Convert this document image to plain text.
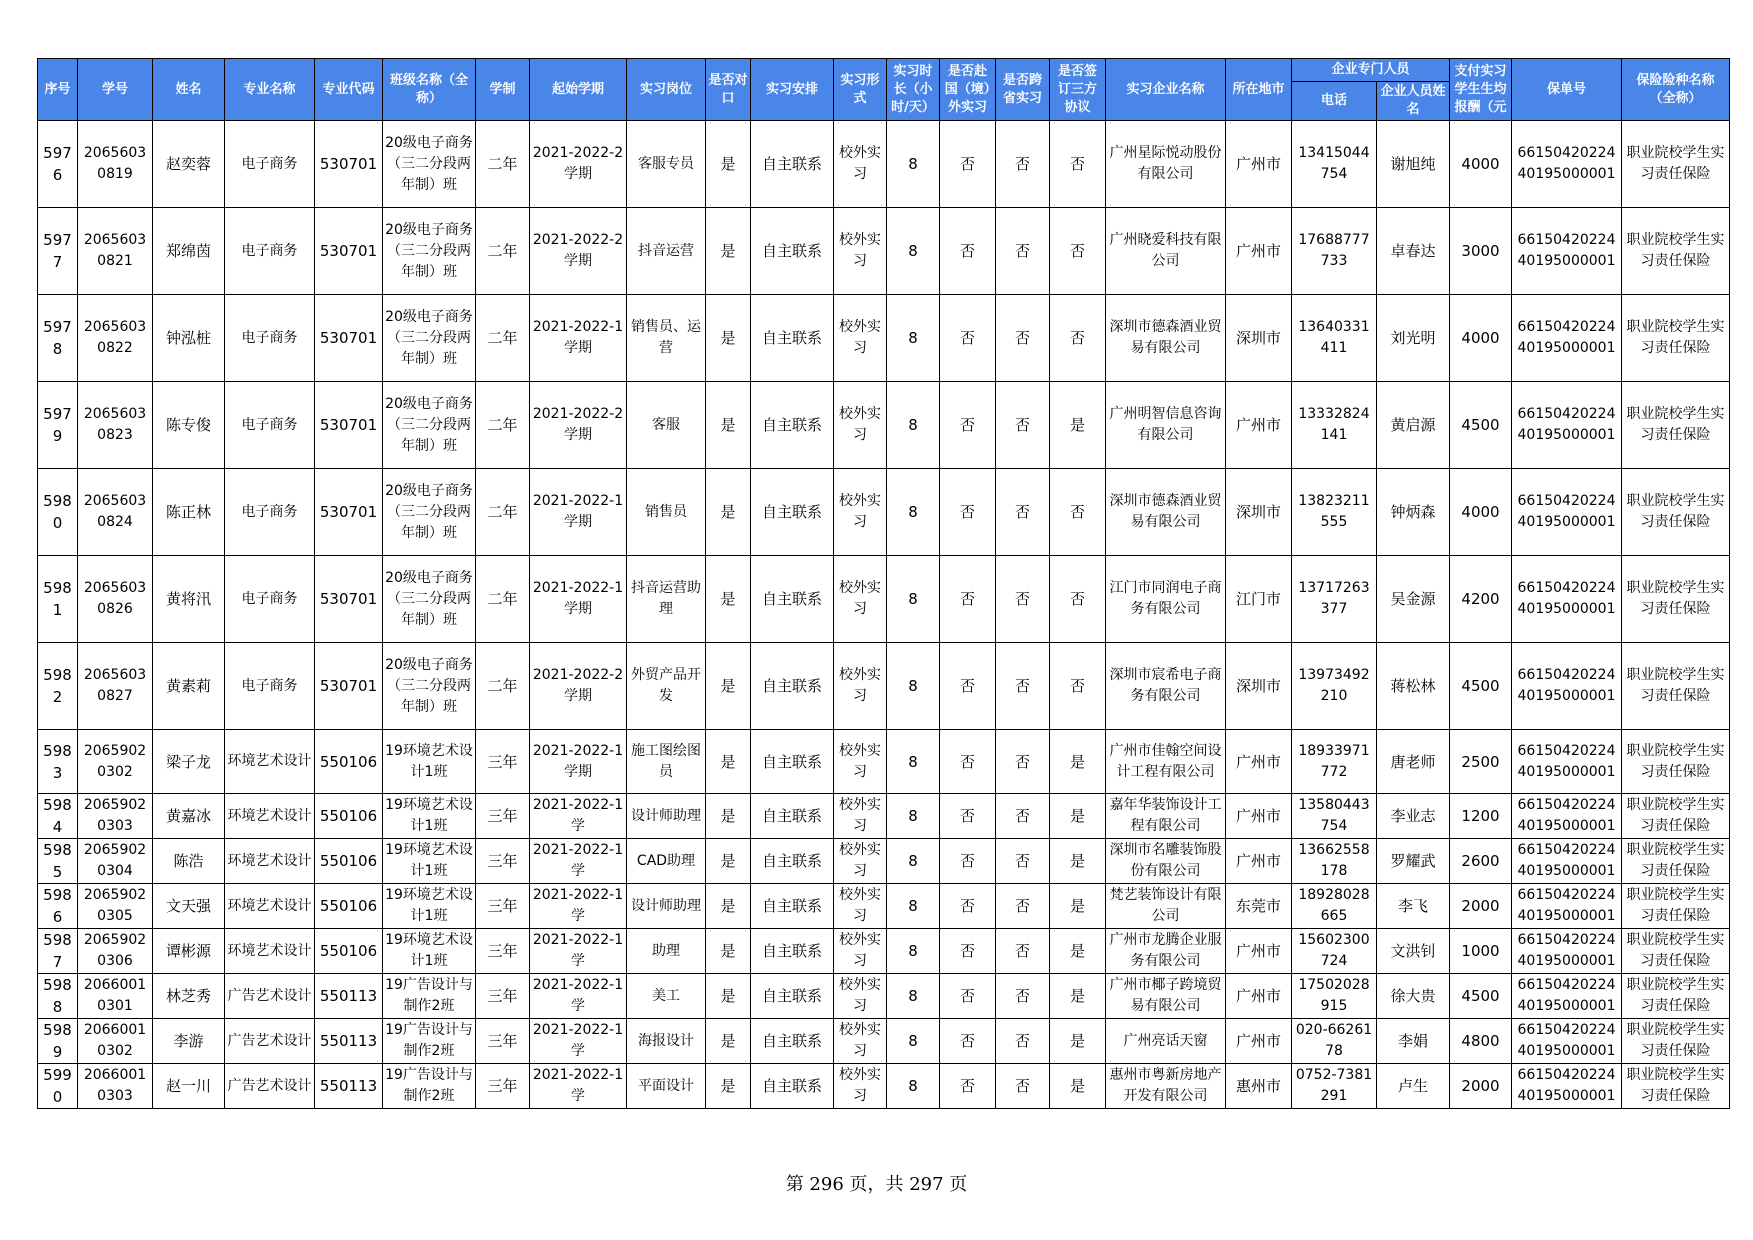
序号	学号	姓名	专业名称	专业代码	班级名称（全称）	学制	起始学期	实习岗位	是否对口	实习安排	实习形式	实习时长（小时/天）	是否赴国（境）外实习	是否跨省实习	是否签订三方协议	实习企业名称	所在地市	企业专门人员		支付实习学生生均报酬（元	保单号	保险险种名称（全称）
																		电话	企业人员姓名			
5976	20656030819	赵奕蓉	电子商务	530701	20级电子商务（三二分段两年制）班	二年	2021-2022-2学期	客服专员	是	自主联系	校外实习	8	否	否	否	广州星际悦动股份有限公司	广州市	13415044754	谢旭纯	4000	6615042022440195000001	职业院校学生实习责任保险
5977	20656030821	郑绵茵	电子商务	530701	20级电子商务（三二分段两年制）班	二年	2021-2022-2学期	抖音运营	是	自主联系	校外实习	8	否	否	否	广州晓爱科技有限公司	广州市	17688777733	卓春达	3000	6615042022440195000001	职业院校学生实习责任保险
5978	20656030822	钟泓桩	电子商务	530701	20级电子商务（三二分段两年制）班	二年	2021-2022-1学期	销售员、运营	是	自主联系	校外实习	8	否	否	否	深圳市德森酒业贸易有限公司	深圳市	13640331411	刘光明	4000	6615042022440195000001	职业院校学生实习责任保险
5979	20656030823	陈专俊	电子商务	530701	20级电子商务（三二分段两年制）班	二年	2021-2022-2学期	客服	是	自主联系	校外实习	8	否	否	是	广州明智信息咨询有限公司	广州市	13332824141	黄启源	4500	6615042022440195000001	职业院校学生实习责任保险
5980	20656030824	陈正林	电子商务	530701	20级电子商务（三二分段两年制）班	二年	2021-2022-1学期	销售员	是	自主联系	校外实习	8	否	否	否	深圳市德森酒业贸易有限公司	深圳市	13823211555	钟炳森	4000	6615042022440195000001	职业院校学生实习责任保险
5981	20656030826	黄将汛	电子商务	530701	20级电子商务（三二分段两年制）班	二年	2021-2022-1学期	抖音运营助理	是	自主联系	校外实习	8	否	否	否	江门市同润电子商务有限公司	江门市	13717263377	吴金源	4200	6615042022440195000001	职业院校学生实习责任保险
5982	20656030827	黄素莉	电子商务	530701	20级电子商务（三二分段两年制）班	二年	2021-2022-2学期	外贸产品开发	是	自主联系	校外实习	8	否	否	否	深圳市宸希电子商务有限公司	深圳市	13973492210	蒋松林	4500	6615042022440195000001	职业院校学生实习责任保险
5983	20659020302	梁子龙	环境艺术设计	550106	19环境艺术设计1班	三年	2021-2022-1学期	施工图绘图员	是	自主联系	校外实习	8	否	否	是	广州市佳翰空间设计工程有限公司	广州市	18933971772	唐老师	2500	6615042022440195000001	职业院校学生实习责任保险
5984	20659020303	黄嘉冰	环境艺术设计	550106	19环境艺术设计1班	三年	2021-2022-1学	设计师助理	是	自主联系	校外实习	8	否	否	是	嘉年华装饰设计工程有限公司	广州市	13580443754	李业志	1200	6615042022440195000001	职业院校学生实习责任保险
5985	20659020304	陈浩	环境艺术设计	550106	19环境艺术设计1班	三年	2021-2022-1学	CAD助理	是	自主联系	校外实习	8	否	否	是	深圳市名雕装饰股份有限公司	广州市	13662558178	罗耀武	2600	6615042022440195000001	职业院校学生实习责任保险
5986	20659020305	文天强	环境艺术设计	550106	19环境艺术设计1班	三年	2021-2022-1学	设计师助理	是	自主联系	校外实习	8	否	否	是	梵艺装饰设计有限公司	东莞市	18928028665	李飞	2000	6615042022440195000001	职业院校学生实习责任保险
5987	20659020306	谭彬源	环境艺术设计	550106	19环境艺术设计1班	三年	2021-2022-1学	助理	是	自主联系	校外实习	8	否	否	是	广州市龙腾企业服务有限公司	广州市	15602300724	文洪钊	1000	6615042022440195000001	职业院校学生实习责任保险
5988	20660010301	林芝秀	广告艺术设计	550113	19广告设计与制作2班	三年	2021-2022-1学	美工	是	自主联系	校外实习	8	否	否	是	广州市椰子跨境贸易有限公司	广州市	17502028915	徐大贵	4500	6615042022440195000001	职业院校学生实习责任保险
5989	20660010302	李游	广告艺术设计	550113	19广告设计与制作2班	三年	2021-2022-1学	海报设计	是	自主联系	校外实习	8	否	否	是	广州亮话天窗	广州市	020-6626178	李娟	4800	6615042022440195000001	职业院校学生实习责任保险
5990	20660010303	赵一川	广告艺术设计	550113	19广告设计与制作2班	三年	2021-2022-1学	平面设计	是	自主联系	校外实习	8	否	否	是	惠州市粤新房地产开发有限公司	惠州市	0752-7381291	卢生	2000	6615042022440195000001	职业院校学生实习责任保险
第 296 页，共 297 页
